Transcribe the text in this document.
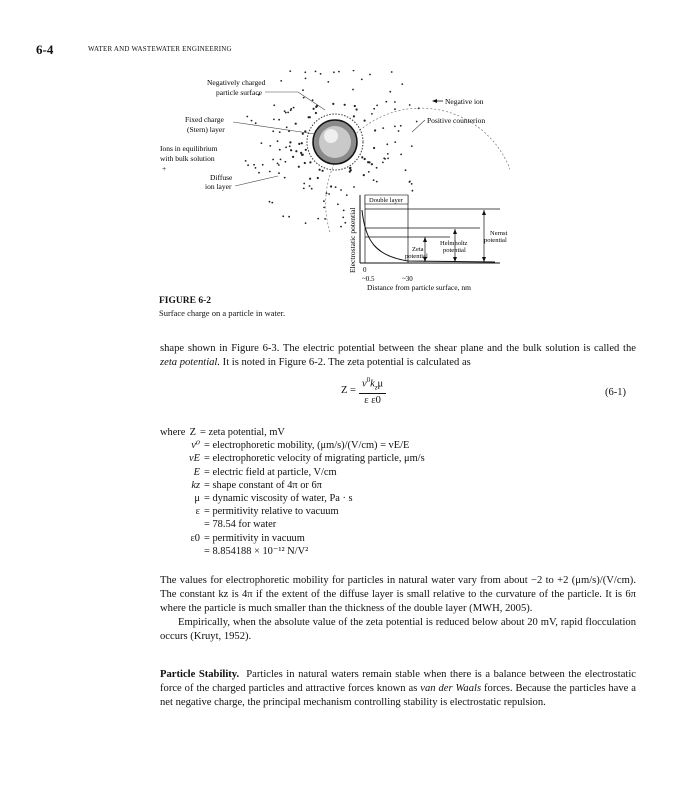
6-4	WATER AND WASTEWATER ENGINEERING
Negatively charged
particle surface
Fixed charge
(Stern) layer
Ions in equilibrium
with bulk solution
+
Diffuse
ion layer
Negative ion
Positive counterion
Double layer
Nernst
potential
Helmholtz
potential
Zeta
potential
Electrostatic potential 0
~0.5	~30
Distance from particle surface, nm
FIGURE 6-2
Surface charge on a particle in water.

shape shown in Figure 6-3. The electric potential between the shear plane and the bulk solution is called the zeta potential. It is noted in Figure 6-2. The zeta potential is calculated as

Z =	$v^0k_z\mu$
ε ε0
(6-1)
where Z = zeta potential, mV
v⁰ = electrophoretic mobility, (μm/s)/(V/cm) = vE/E
vE = electrophoretic velocity of migrating particle, μm/s
E = electric field at particle, V/cm
kz = shape constant of 4π or 6π
μ = dynamic viscosity of water, Pa · s
ε = permitivity relative to vacuum
= 78.54 for water
ε0 = permitivity in vacuum
= 8.854188 × 10⁻¹² N/V²

The values for electrophoretic mobility for particles in natural water vary from about −2 to +2 (μm/s)/(V/cm). The constant kz is 4π if the extent of the diffuse layer is small relative to the curvature of the particle. It is 6π where the particle is much smaller than the thickness of the double layer (MWH, 2005).

Empirically, when the absolute value of the zeta potential is reduced below about 20 mV, rapid flocculation occurs (Kruyt, 1952).

Particle Stability. Particles in natural waters remain stable when there is a balance between the electrostatic force of the charged particles and attractive forces known as van der Waals forces. Because the particles have a net negative charge, the principal mechanism controlling stability is electrostatic repulsion.
